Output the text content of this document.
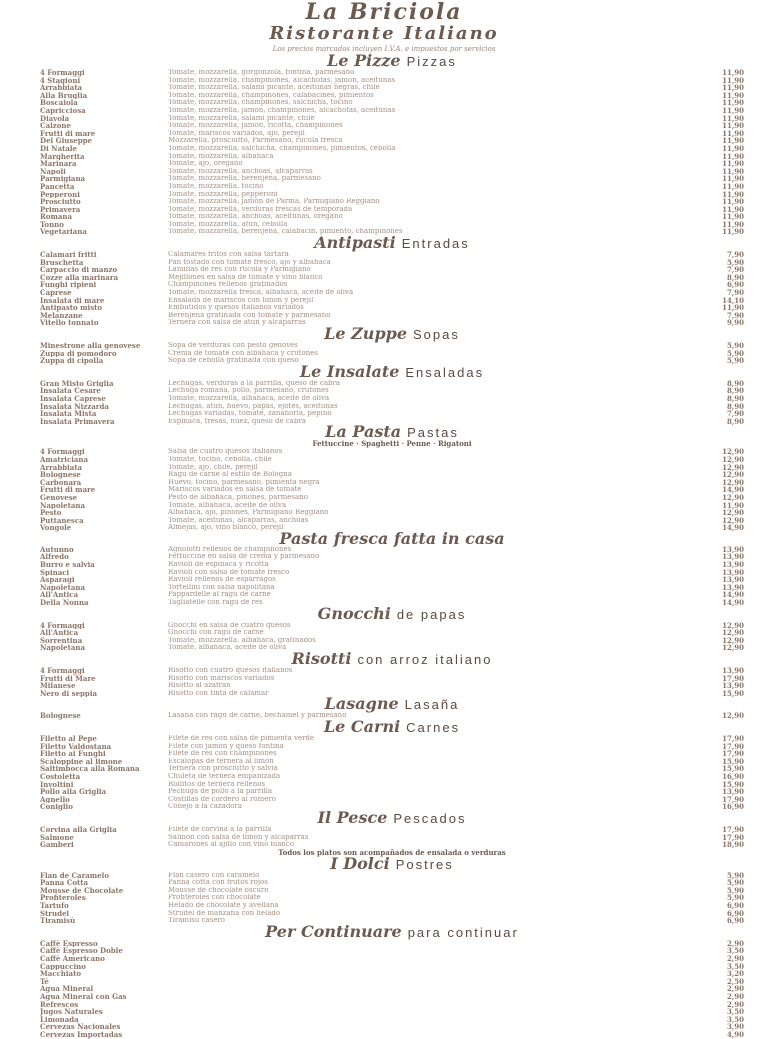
La Briciola
Ristorante Italiano
Los precios marcados incluyen I.V.A. e impuestos por servicios
Le Pizze Pizzas
4 Formaggi	Tomate, mozzarella, gorgonzola, fontina, parmesano	11,90
4 Stagioni	Tomate, mozzarella, champiñones, alcachofas, jamón, aceitunas	11,90
Arrabbiata	Tomate, mozzarella, salami picante, aceitunas negras, chile	11,90
Alla Bruglia	Tomate, mozzarella, champiñones, calabacines, pimientos	11,90
Boscaiola	Tomate, mozzarella, champiñones, salchicha, tocino	11,90
Capricciosa	Tomate, mozzarella, jamón, champiñones, alcachofas, aceitunas	11,90
Diavola	Tomate, mozzarella, salami picante, chile	11,90
Calzone	Tomate, mozzarella, jamón, ricotta, champiñones	11,90
Frutti di mare	Tomate, mariscos variados, ajo, perejil	11,90
Del Giuseppe	Mozzarella, prosciutto, Parmesano, rúcula fresca	11,90
Di Natale	Tomate, mozzarella, salchicha, champiñones, pimientos, cebolla	11,90
Margherita	Tomate, mozzarella, albahaca	11,90
Marinara	Tomate, ajo, orégano	11,90
Napoli	Tomate, mozzarella, anchoas, alcaparras	11,90
Parmigiana	Tomate, mozzarella, berenjena, parmesano	11,90
Pancetta	Tomate, mozzarella, tocino	11,90
Pepperoni	Tomate, mozzarella, pepperoni	11,90
Prosciutto	Tomate, mozzarella, jamón de Parma, Parmigiano Reggiano	11,90
Primavera	Tomate, mozzarella, verduras frescas de temporada	11,90
Romana	Tomate, mozzarella, anchoas, aceitunas, orégano	11,90
Tonno	Tomate, mozzarella, atún, cebolla	11,90
Vegetariana	Tomate, mozzarella, berenjena, calabacín, pimiento, champiñones	11,90
Antipasti Entradas
Calamari fritti	Calamares fritos con salsa tártara	7,90
Bruschetta	Pan tostado con tomate fresco, ajo y albahaca	5,90
Carpaccio di manzo	Láminas de res con rúcula y Parmigiano	7,90
Cozze alla marinara	Mejillones en salsa de tomate y vino blanco	8,90
Funghi ripieni	Champiñones rellenos gratinados	6,90
Caprese	Tomate, mozzarella fresca, albahaca, aceite de oliva	7,90
Insalata di mare	Ensalada de mariscos con limón y perejil	14,10
Antipasto misto	Embutidos y quesos italianos variados	11,90
Melanzane	Berenjena gratinada con tomate y parmesano	7,90
Vitello tonnato	Ternera con salsa de atún y alcaparras	9,90
Le Zuppe Sopas
Minestrone alla genovese	Sopa de verduras con pesto genovés	5,90
Zuppa di pomodoro	Crema de tomate con albahaca y crutones	5,90
Zuppa di cipolla	Sopa de cebolla gratinada con queso	5,90
Le Insalate Ensaladas
Gran Misto Griglia	Lechugas, verduras a la parrilla, queso de cabra	8,90
Insalata Cesare	Lechuga romana, pollo, parmesano, crutones	8,90
Insalata Caprese	Tomate, mozzarella, albahaca, aceite de oliva	8,90
Insalata Nizzarda	Lechugas, atún, huevo, papas, ejotes, aceitunas	8,90
Insalata Mista	Lechugas variadas, tomate, zanahoria, pepino	7,90
Insalata Primavera	Espinaca, fresas, nuez, queso de cabra	8,90
La Pasta Pastas
Fettuccine · Spaghetti · Penne · Rigatoni
4 Formaggi	Salsa de cuatro quesos italianos	12,90
Amatriciana	Tomate, tocino, cebolla, chile	12,90
Arrabbiata	Tomate, ajo, chile, perejil	12,90
Bolognese	Ragú de carne al estilo de Bologna	12,90
Carbonara	Huevo, tocino, parmesano, pimienta negra	12,90
Frutti di mare	Mariscos variados en salsa de tomate	14,90
Genovese	Pesto de albahaca, piñones, parmesano	12,90
Napoletana	Tomate, albahaca, aceite de oliva	11,90
Pesto	Albahaca, ajo, piñones, Parmigiano Reggiano	12,90
Puttanesca	Tomate, aceitunas, alcaparras, anchoas	12,90
Vongole	Almejas, ajo, vino blanco, perejil	14,90
Pasta fresca fatta in casa
Autunno	Agnolotti rellenos de champiñones	13,90
Alfredo	Fettuccine en salsa de crema y parmesano	13,90
Burro e salvia	Ravioli de espinaca y ricotta	13,90
Spinaci	Ravioli con salsa de tomate fresco	13,90
Asparagi	Ravioli rellenos de espárragos	13,90
Napoletana	Tortellini con salsa napolitana	13,90
All'Antica	Pappardelle al ragú de carne	14,90
Della Nonna	Tagliatelle con ragú de res	14,90
Gnocchi de papas
4 Formaggi	Gnocchi en salsa de cuatro quesos	12,90
All'Antica	Gnocchi con ragú de carne	12,90
Sorrentina	Tomate, mozzarella, albahaca, gratinados	12,90
Napoletana	Tomate, albahaca, aceite de oliva	12,90
Risotti con arroz italiano
4 Formaggi	Risotto con cuatro quesos italianos	13,90
Frutti di Mare	Risotto con mariscos variados	17,90
Milanese	Risotto al azafrán	13,90
Nero di seppia	Risotto con tinta de calamar	15,90
Lasagne Lasaña
Bolognese	Lasaña con ragú de carne, bechamel y parmesano	12,90
Le Carni Carnes
Filetto al Pepe	Filete de res con salsa de pimienta verde	17,90
Filetto Valdostana	Filete con jamón y queso fontina	17,90
Filetto ai Funghi	Filete de res con champiñones	17,90
Scaloppine al limone	Escalopas de ternera al limón	15,90
Saltimbocca alla Romana	Ternera con prosciutto y salvia	15,90
Costoletta	Chuleta de ternera empanizada	16,90
Involtini	Rollitos de ternera rellenos	15,90
Pollo alla Griglia	Pechuga de pollo a la parrilla	13,90
Agnello	Costillas de cordero al romero	17,90
Coniglio	Conejo a la cazadora	16,90
Il Pesce Pescados
Corvina alla Griglia	Filete de corvina a la parrilla	17,90
Salmone	Salmón con salsa de limón y alcaparras	17,90
Gamberi	Camarones al ajillo con vino blanco	18,90
Todos los platos son acompañados de ensalada o verduras
I Dolci Postres
Flan de Caramelo	Flan casero con caramelo	5,90
Panna Cotta	Panna cotta con frutos rojos	5,90
Mousse de Chocolate	Mousse de chocolate oscuro	5,90
Profiteroles	Profiteroles con chocolate	5,90
Tartufo	Helado de chocolate y avellana	6,90
Strudel	Strudel de manzana con helado	6,90
Tiramisù	Tiramisú casero	6,90
Per Continuare para continuar
Caffè Espresso	2,90
Caffè Espresso Doble	3,50
Caffè Americano	2,90
Cappuccino	3,50
Macchiato	3,20
Té	2,50
Agua Mineral	2,90
Agua Mineral con Gas	2,90
Refrescos	2,90
Jugos Naturales	3,50
Limonada	3,50
Cervezas Nacionales	3,90
Cervezas Importadas	4,90
